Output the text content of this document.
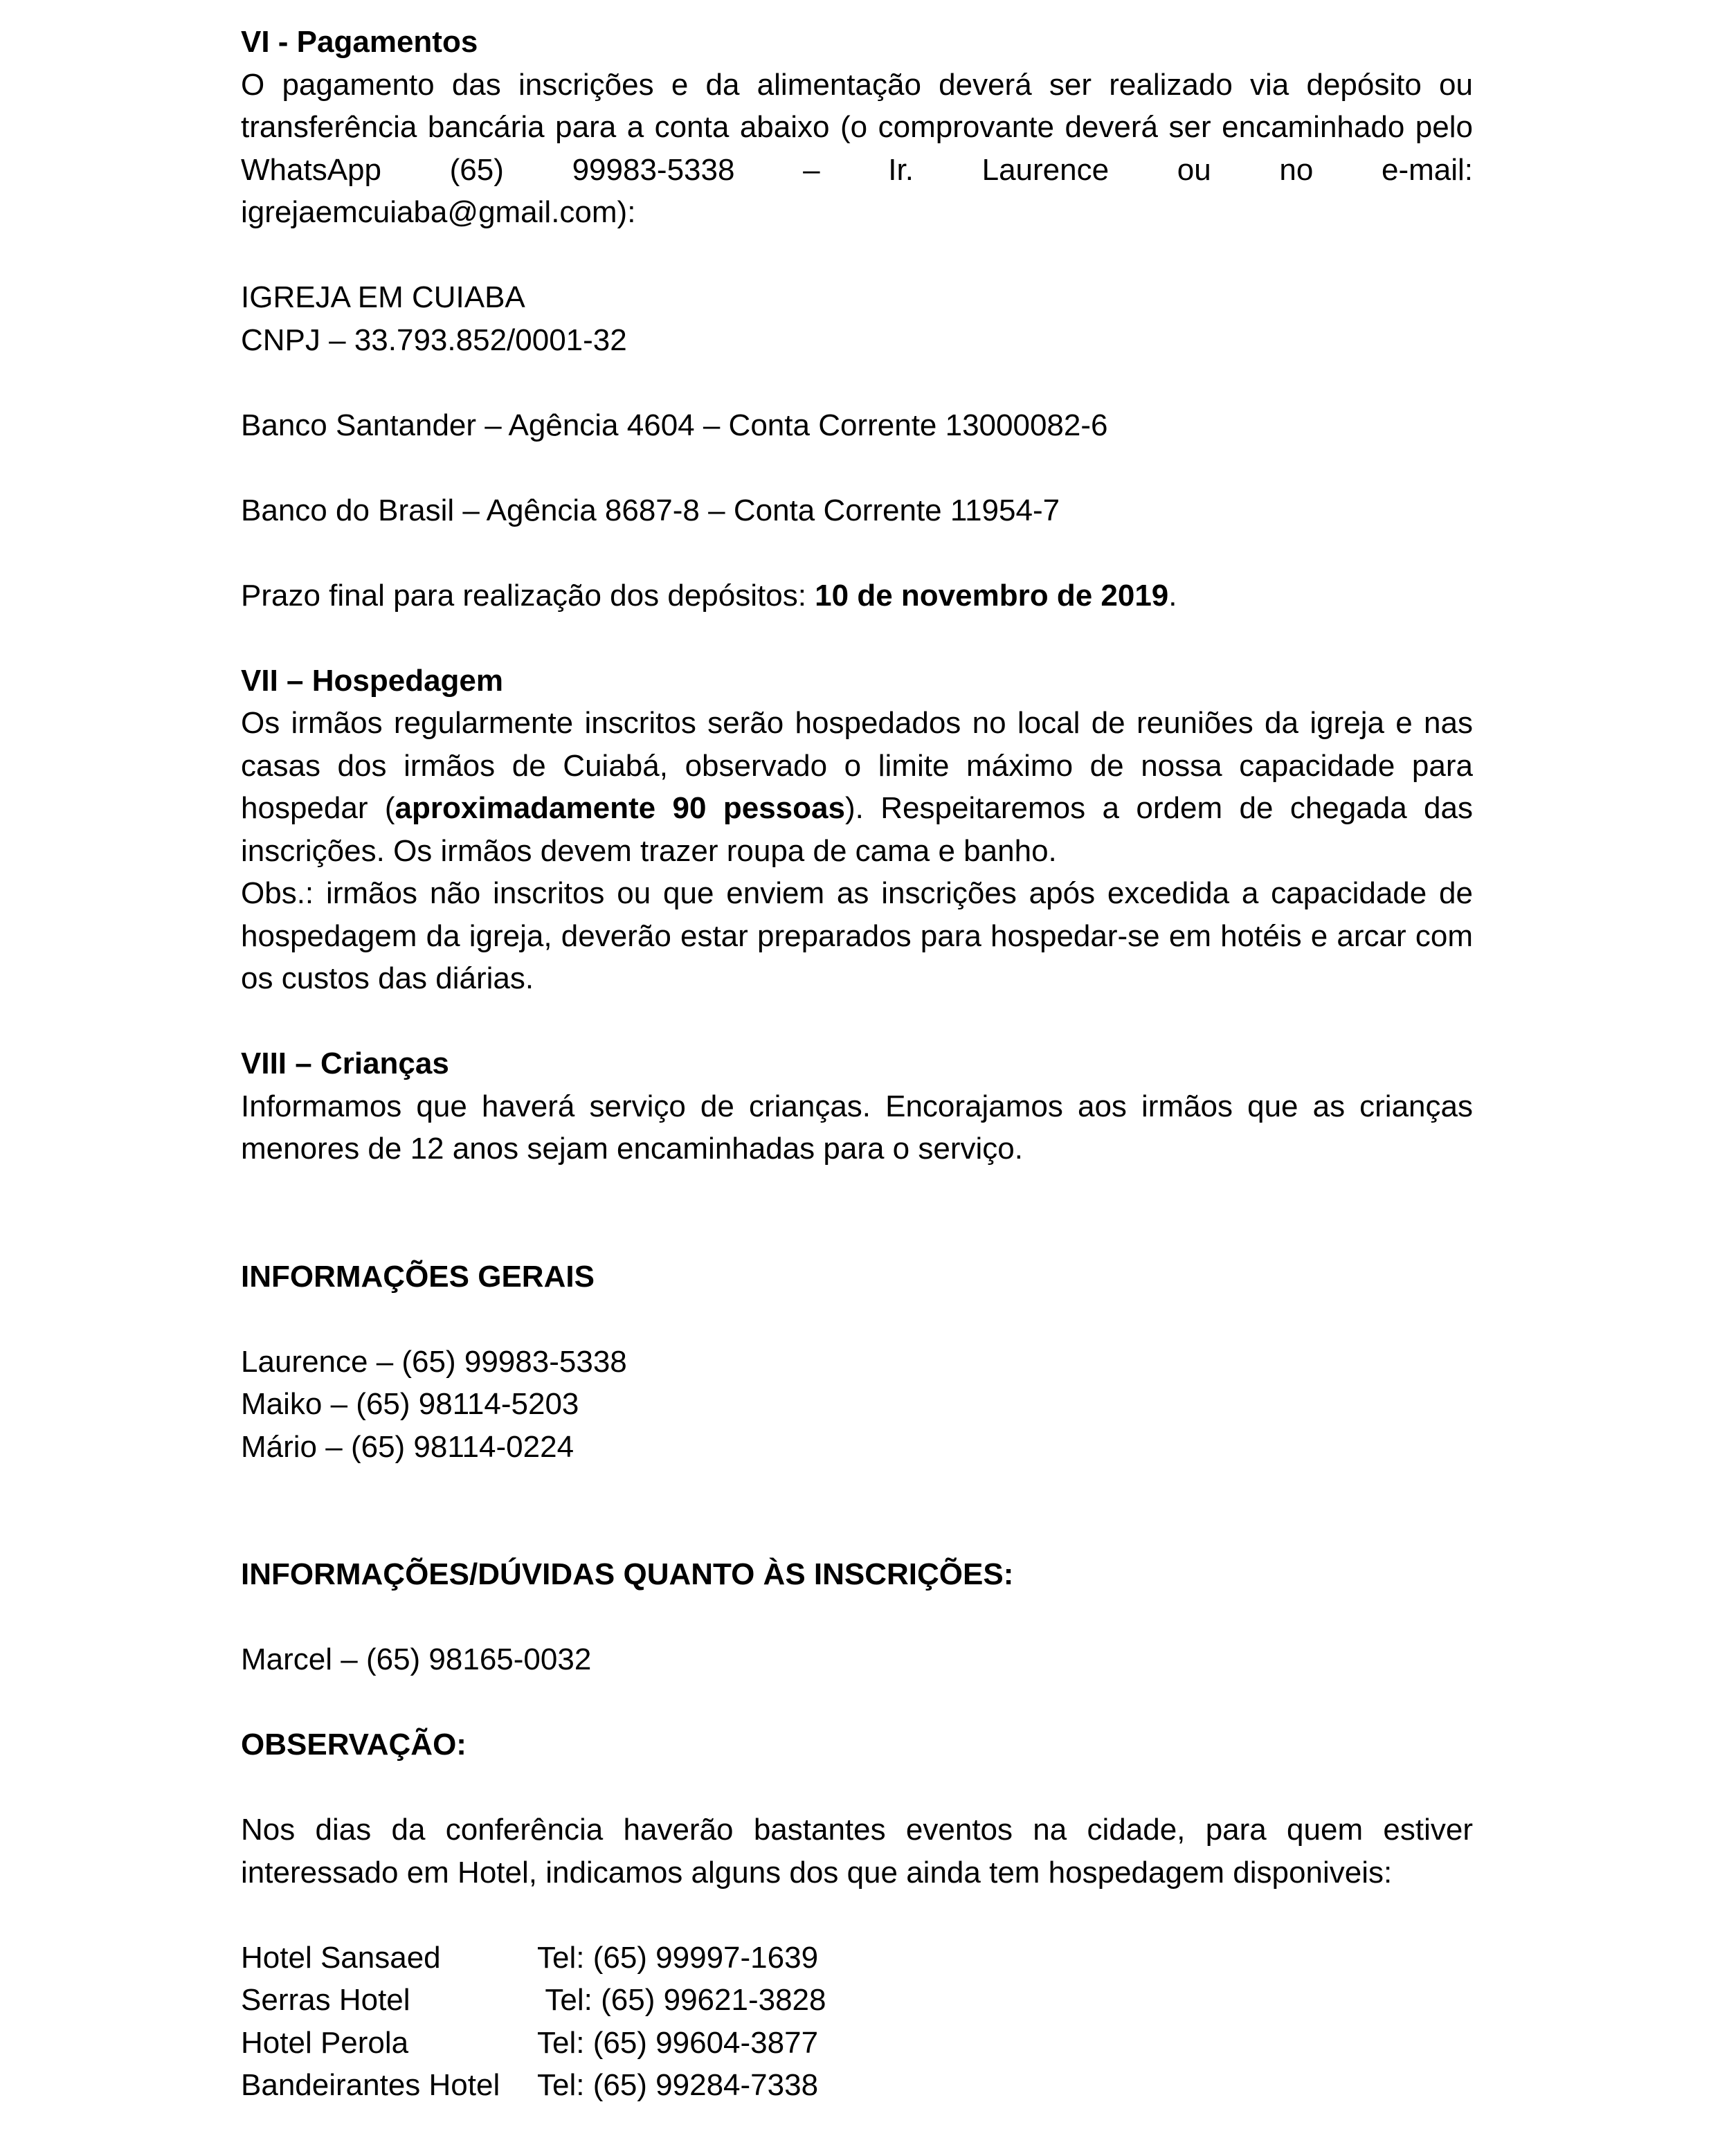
VI - Pagamentos
O pagamento das inscrições e da alimentação deverá ser realizado via depósito ou transferência bancária para a conta abaixo (o comprovante deverá ser encaminhado pelo WhatsApp (65) 99983-5338 – Ir. Laurence ou no e-mail:
igrejaemcuiaba@gmail.com):
IGREJA EM CUIABA
CNPJ – 33.793.852/0001-32
Banco Santander – Agência 4604 – Conta Corrente 13000082-6
Banco do Brasil – Agência 8687-8 – Conta Corrente 11954-7
Prazo final para realização dos depósitos: 10 de novembro de 2019.
VII – Hospedagem
Os irmãos regularmente inscritos serão hospedados no local de reuniões da igreja e nas casas dos irmãos de Cuiabá, observado o limite máximo de nossa capacidade para hospedar (aproximadamente 90 pessoas). Respeitaremos a ordem de chegada das inscrições. Os irmãos devem trazer roupa de cama e banho.
Obs.: irmãos não inscritos ou que enviem as inscrições após excedida a capacidade de hospedagem da igreja, deverão estar preparados para hospedar-se em hotéis e arcar com os custos das diárias.
VIII – Crianças
Informamos que haverá serviço de crianças. Encorajamos aos irmãos que as crianças menores de 12 anos sejam encaminhadas para o serviço.
INFORMAÇÕES GERAIS
Laurence – (65) 99983-5338
Maiko – (65) 98114-5203
Mário – (65) 98114-0224
INFORMAÇÕES/DÚVIDAS QUANTO ÀS INSCRIÇÕES:
Marcel – (65) 98165-0032
OBSERVAÇÃO:
Nos dias da conferência haverão bastantes eventos na cidade, para quem estiver interessado em Hotel, indicamos alguns dos que ainda tem hospedagem disponiveis:
Hotel Sansaed	Tel: (65) 99997-1639
Serras Hotel	Tel: (65) 99621-3828
Hotel Perola	Tel: (65) 99604-3877
Bandeirantes Hotel	Tel: (65) 99284-7338
